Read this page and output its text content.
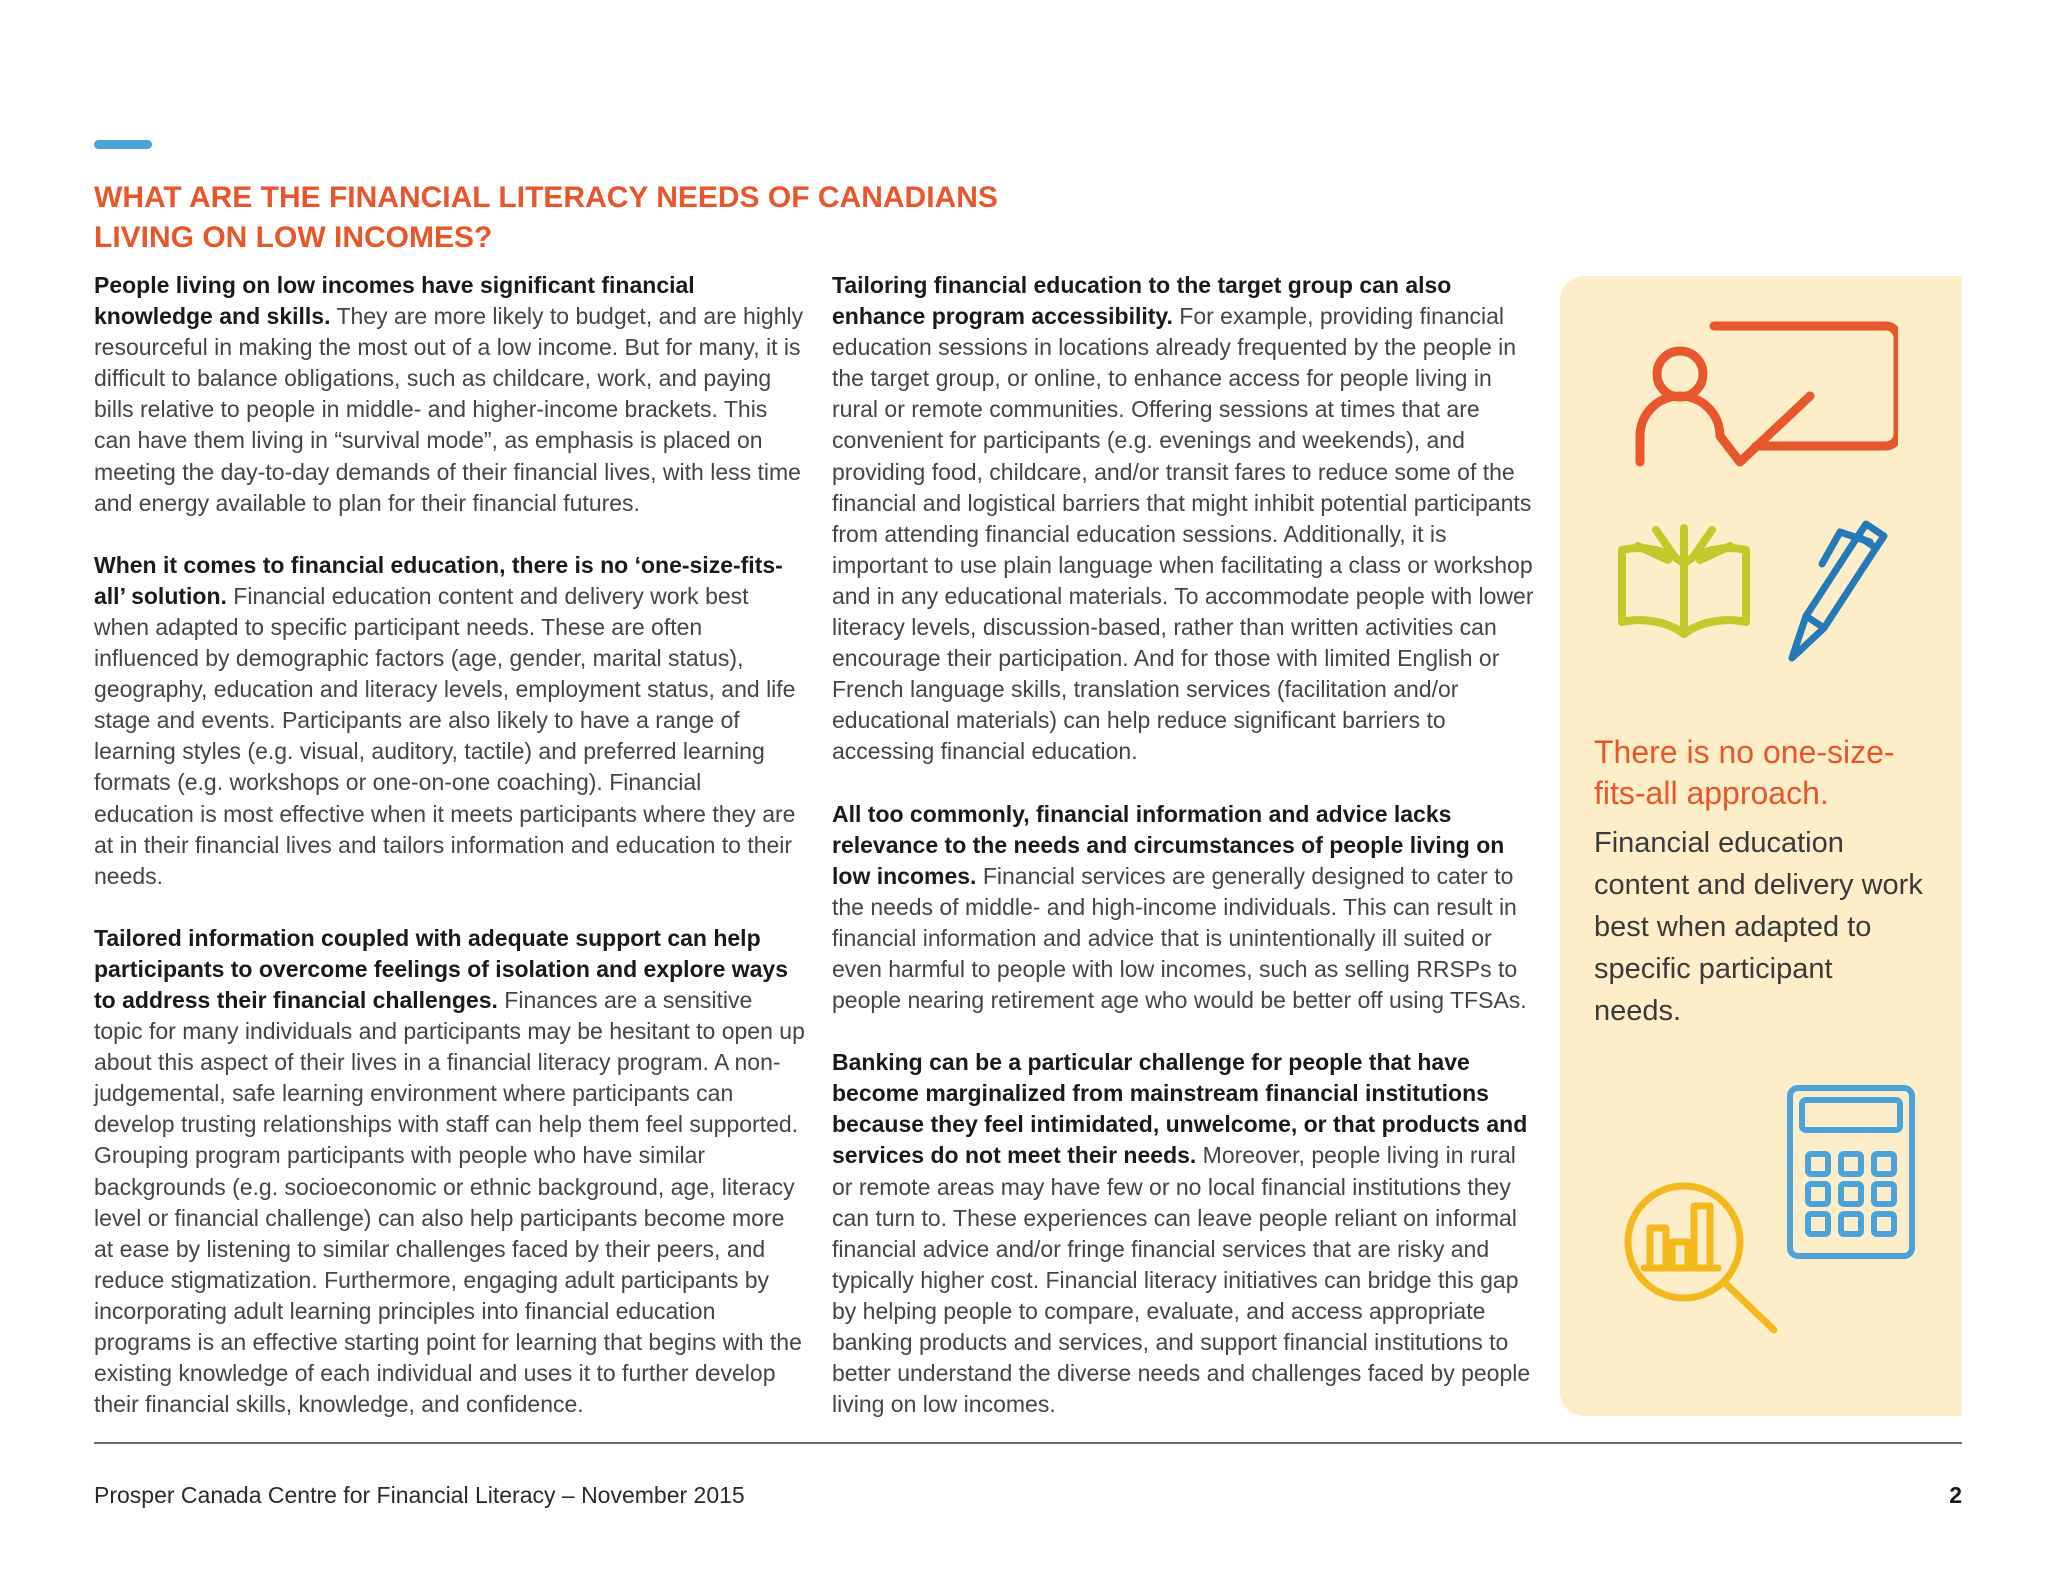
WHAT ARE THE FINANCIAL LITERACY NEEDS OF CANADIANS
LIVING ON LOW INCOMES?

People living on low incomes have significant financial knowledge and skills. They are more likely to budget, and are highly resourceful in making the most out of a low income. But for many, it is difficult to balance obligations, such as childcare, work, and paying bills relative to people in middle- and higher-income brackets. This can have them living in “survival mode”, as emphasis is placed on meeting the day-to-day demands of their financial lives, with less time and energy available to plan for their financial futures.

When it comes to financial education, there is no ‘one-size-fits-all’ solution. Financial education content and delivery work best when adapted to specific participant needs. These are often influenced by demographic factors (age, gender, marital status), geography, education and literacy levels, employment status, and life stage and events. Participants are also likely to have a range of learning styles (e.g. visual, auditory, tactile) and preferred learning formats (e.g. workshops or one-on-one coaching). Financial education is most effective when it meets participants where they are at in their financial lives and tailors information and education to their needs.

Tailored information coupled with adequate support can help participants to overcome feelings of isolation and explore ways to address their financial challenges. Finances are a sensitive topic for many individuals and participants may be hesitant to open up about this aspect of their lives in a financial literacy program. A non-judgemental, safe learning environment where participants can develop trusting relationships with staff can help them feel supported. Grouping program participants with people who have similar backgrounds (e.g. socioeconomic or ethnic background, age, literacy level or financial challenge) can also help participants become more at ease by listening to similar challenges faced by their peers, and reduce stigmatization. Furthermore, engaging adult participants by incorporating adult learning principles into financial education programs is an effective starting point for learning that begins with the existing knowledge of each individual and uses it to further develop their financial skills, knowledge, and confidence.

Tailoring financial education to the target group can also enhance program accessibility. For example, providing financial education sessions in locations already frequented by the people in the target group, or online, to enhance access for people living in rural or remote communities. Offering sessions at times that are convenient for participants (e.g. evenings and weekends), and providing food, childcare, and/or transit fares to reduce some of the financial and logistical barriers that might inhibit potential participants from attending financial education sessions. Additionally, it is important to use plain language when facilitating a class or workshop and in any educational materials. To accommodate people with lower literacy levels, discussion-based, rather than written activities can encourage their participation. And for those with limited English or French language skills, translation services (facilitation and/or educational materials) can help reduce significant barriers to accessing financial education.

All too commonly, financial information and advice lacks relevance to the needs and circumstances of people living on low incomes. Financial services are generally designed to cater to the needs of middle- and high-income individuals. This can result in financial information and advice that is unintentionally ill suited or even harmful to people with low incomes, such as selling RRSPs to people nearing retirement age who would be better off using TFSAs.

Banking can be a particular challenge for people that have become marginalized from mainstream financial institutions because they feel intimidated, unwelcome, or that products and services do not meet their needs. Moreover, people living in rural or remote areas may have few or no local financial institutions they can turn to. These experiences can leave people reliant on informal financial advice and/or fringe financial services that are risky and typically higher cost. Financial literacy initiatives can bridge this gap by helping people to compare, evaluate, and access appropriate banking products and services, and support financial institutions to better understand the diverse needs and challenges faced by people living on low incomes.

There is no one-size-fits-all approach.

Financial education content and delivery work best when adapted to specific participant needs.

Prosper Canada Centre for Financial Literacy – November 2015	2
